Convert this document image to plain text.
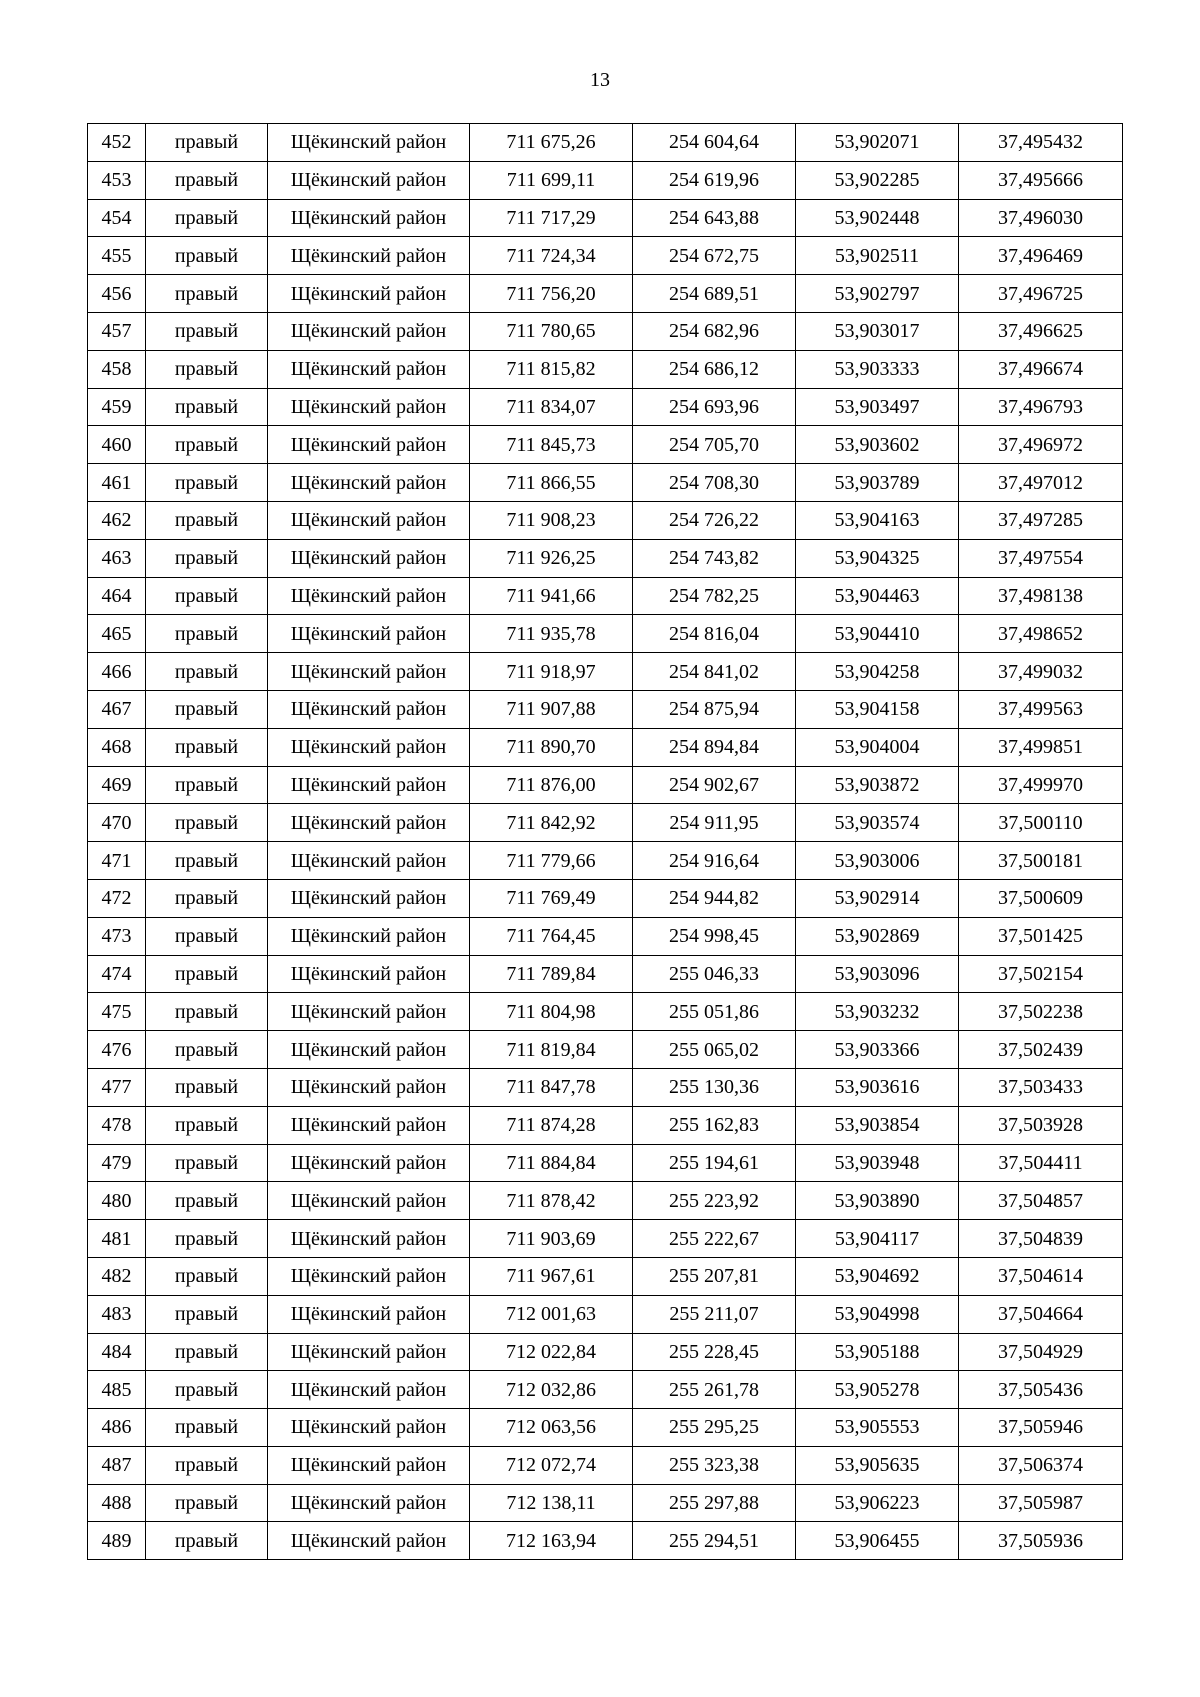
13
452	правый	Щёкинский район	711 675,26	254 604,64	53,902071	37,495432
453	правый	Щёкинский район	711 699,11	254 619,96	53,902285	37,495666
454	правый	Щёкинский район	711 717,29	254 643,88	53,902448	37,496030
455	правый	Щёкинский район	711 724,34	254 672,75	53,902511	37,496469
456	правый	Щёкинский район	711 756,20	254 689,51	53,902797	37,496725
457	правый	Щёкинский район	711 780,65	254 682,96	53,903017	37,496625
458	правый	Щёкинский район	711 815,82	254 686,12	53,903333	37,496674
459	правый	Щёкинский район	711 834,07	254 693,96	53,903497	37,496793
460	правый	Щёкинский район	711 845,73	254 705,70	53,903602	37,496972
461	правый	Щёкинский район	711 866,55	254 708,30	53,903789	37,497012
462	правый	Щёкинский район	711 908,23	254 726,22	53,904163	37,497285
463	правый	Щёкинский район	711 926,25	254 743,82	53,904325	37,497554
464	правый	Щёкинский район	711 941,66	254 782,25	53,904463	37,498138
465	правый	Щёкинский район	711 935,78	254 816,04	53,904410	37,498652
466	правый	Щёкинский район	711 918,97	254 841,02	53,904258	37,499032
467	правый	Щёкинский район	711 907,88	254 875,94	53,904158	37,499563
468	правый	Щёкинский район	711 890,70	254 894,84	53,904004	37,499851
469	правый	Щёкинский район	711 876,00	254 902,67	53,903872	37,499970
470	правый	Щёкинский район	711 842,92	254 911,95	53,903574	37,500110
471	правый	Щёкинский район	711 779,66	254 916,64	53,903006	37,500181
472	правый	Щёкинский район	711 769,49	254 944,82	53,902914	37,500609
473	правый	Щёкинский район	711 764,45	254 998,45	53,902869	37,501425
474	правый	Щёкинский район	711 789,84	255 046,33	53,903096	37,502154
475	правый	Щёкинский район	711 804,98	255 051,86	53,903232	37,502238
476	правый	Щёкинский район	711 819,84	255 065,02	53,903366	37,502439
477	правый	Щёкинский район	711 847,78	255 130,36	53,903616	37,503433
478	правый	Щёкинский район	711 874,28	255 162,83	53,903854	37,503928
479	правый	Щёкинский район	711 884,84	255 194,61	53,903948	37,504411
480	правый	Щёкинский район	711 878,42	255 223,92	53,903890	37,504857
481	правый	Щёкинский район	711 903,69	255 222,67	53,904117	37,504839
482	правый	Щёкинский район	711 967,61	255 207,81	53,904692	37,504614
483	правый	Щёкинский район	712 001,63	255 211,07	53,904998	37,504664
484	правый	Щёкинский район	712 022,84	255 228,45	53,905188	37,504929
485	правый	Щёкинский район	712 032,86	255 261,78	53,905278	37,505436
486	правый	Щёкинский район	712 063,56	255 295,25	53,905553	37,505946
487	правый	Щёкинский район	712 072,74	255 323,38	53,905635	37,506374
488	правый	Щёкинский район	712 138,11	255 297,88	53,906223	37,505987
489	правый	Щёкинский район	712 163,94	255 294,51	53,906455	37,505936
